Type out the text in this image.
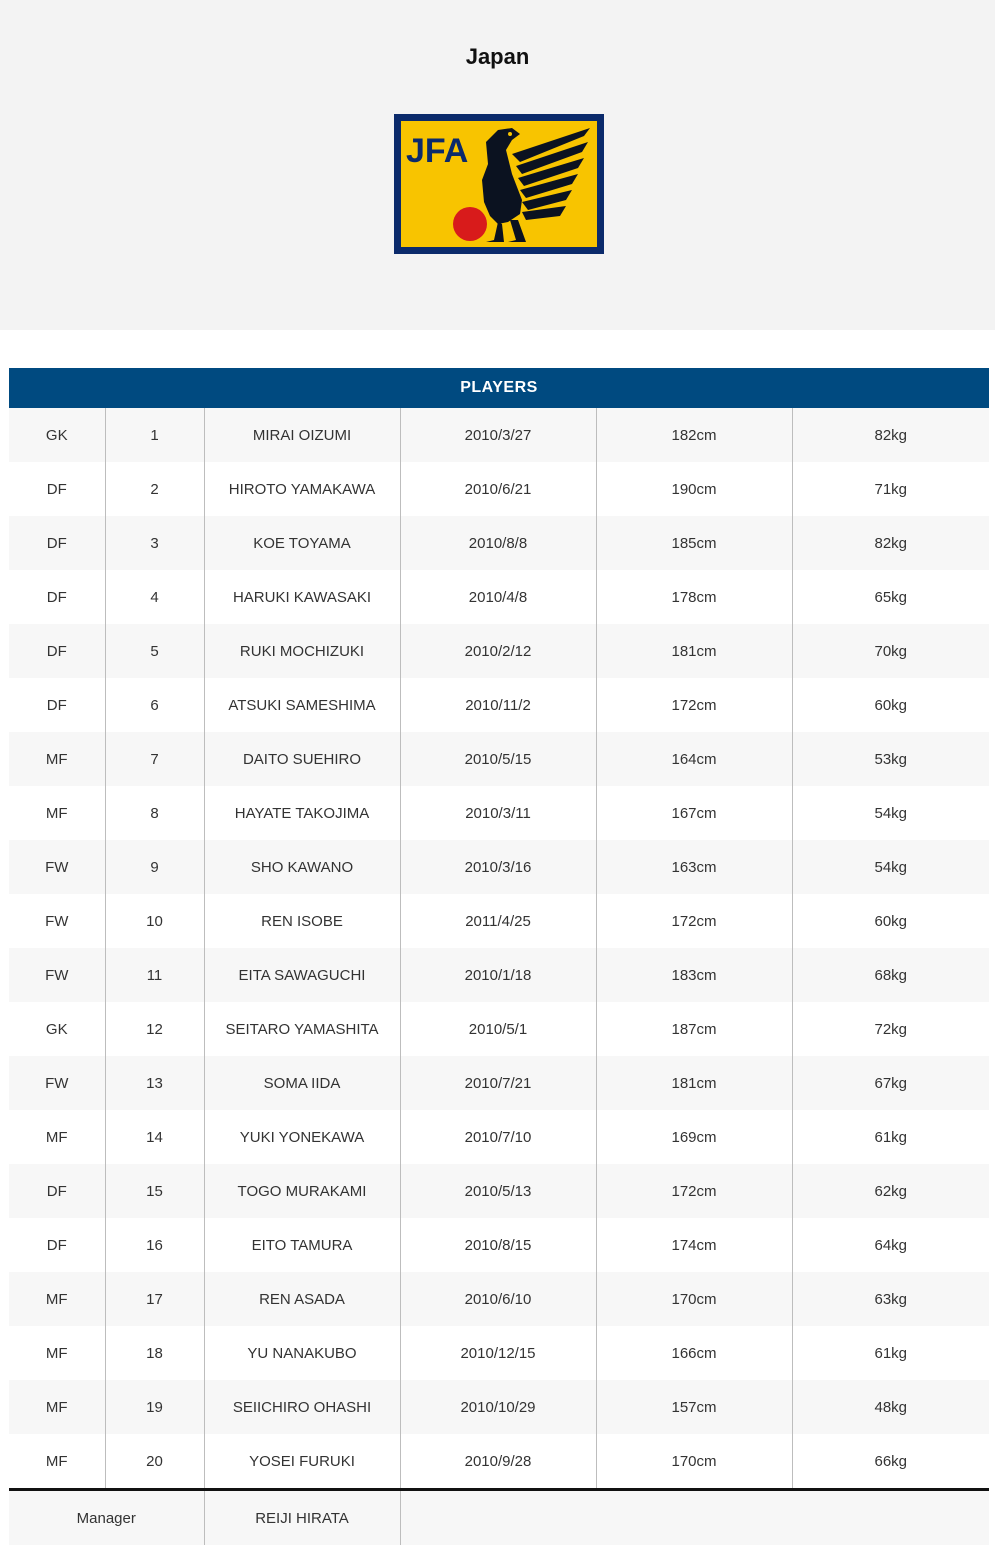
Japan
JFA
PLAYERS
GK	1	MIRAI OIZUMI	2010/3/27	182cm	82kg
DF	2	HIROTO YAMAKAWA	2010/6/21	190cm	71kg
DF	3	KOE TOYAMA	2010/8/8	185cm	82kg
DF	4	HARUKI KAWASAKI	2010/4/8	178cm	65kg
DF	5	RUKI MOCHIZUKI	2010/2/12	181cm	70kg
DF	6	ATSUKI SAMESHIMA	2010/11/2	172cm	60kg
MF	7	DAITO SUEHIRO	2010/5/15	164cm	53kg
MF	8	HAYATE TAKOJIMA	2010/3/11	167cm	54kg
FW	9	SHO KAWANO	2010/3/16	163cm	54kg
FW	10	REN ISOBE	2011/4/25	172cm	60kg
FW	11	EITA SAWAGUCHI	2010/1/18	183cm	68kg
GK	12	SEITARO YAMASHITA	2010/5/1	187cm	72kg
FW	13	SOMA IIDA	2010/7/21	181cm	67kg
MF	14	YUKI YONEKAWA	2010/7/10	169cm	61kg
DF	15	TOGO MURAKAMI	2010/5/13	172cm	62kg
DF	16	EITO TAMURA	2010/8/15	174cm	64kg
MF	17	REN ASADA	2010/6/10	170cm	63kg
MF	18	YU NANAKUBO	2010/12/15	166cm	61kg
MF	19	SEIICHIRO OHASHI	2010/10/29	157cm	48kg
MF	20	YOSEI FURUKI	2010/9/28	170cm	66kg
Manager	REIJI HIRATA	
